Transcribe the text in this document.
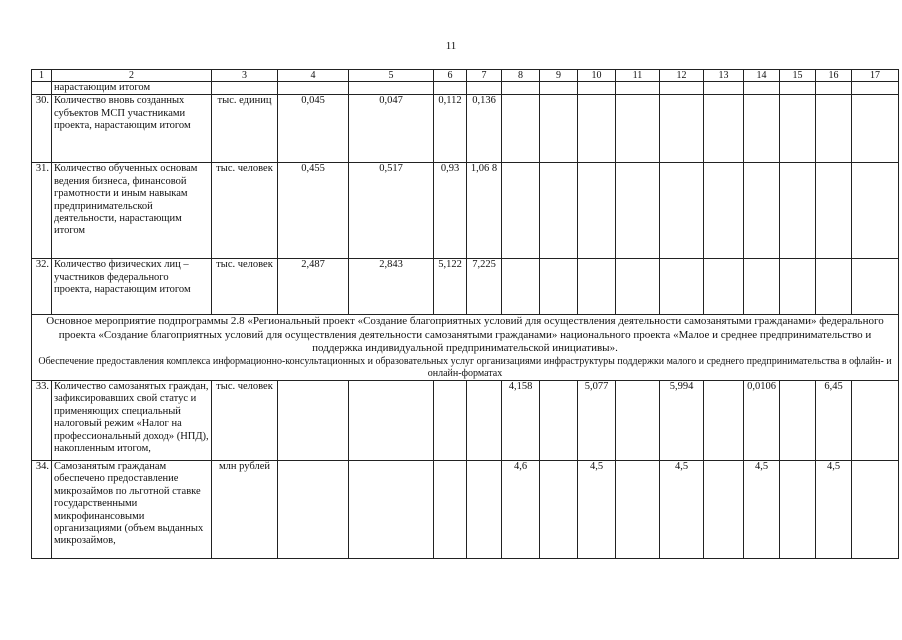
11
1	2	3	4	5	6	7	8	9	10	11	12	13	14	15	16	17
	нарастающим итогом															
30.	Количество вновь созданных субъектов МСП участниками проекта, нарастающим итогом	тыс. единиц	0,045	0,047	0,112	0,136										
31.	Количество обученных основам ведения бизнеса, финансовой грамотности и иным навыкам предпринимательской деятельности, нарастающим итогом	тыс. человек	0,455	0,517	0,93	1,06 8										
32.	Количество физических лиц – участников федерального проекта, нарастающим итогом	тыс. человек	2,487	2,843	5,122	7,225										
Основное мероприятие подпрограммы 2.8 «Региональный проект «Создание благоприятных условий для осуществления деятельности самозанятыми гражданами» федерального проекта «Создание благоприятных условий для осуществления деятельности самозанятыми гражданами» национального проекта «Малое и среднее предпринимательство и поддержка индивидуальной предпринимательской инициативы».
Обеспечение предоставления комплекса информационно-консультационных и образовательных услуг организациями инфраструктуры поддержки малого и среднего предпринимательства в офлайн- и онлайн-форматах																

33.	Количество самозанятых граждан, зафиксировавших свой статус и применяющих специальный налоговый режим «Налог на профессиональный доход» (НПД), накопленным итогом,	тыс. человек					4,158		5,077		5,994		0,0106		6,45	
34.	Самозанятым гражданам обеспечено предоставление микрозаймов по льготной ставке государственными микрофинансовыми организациями (объем выданных микрозаймов,	млн рублей					4,6		4,5		4,5		4,5		4,5	
